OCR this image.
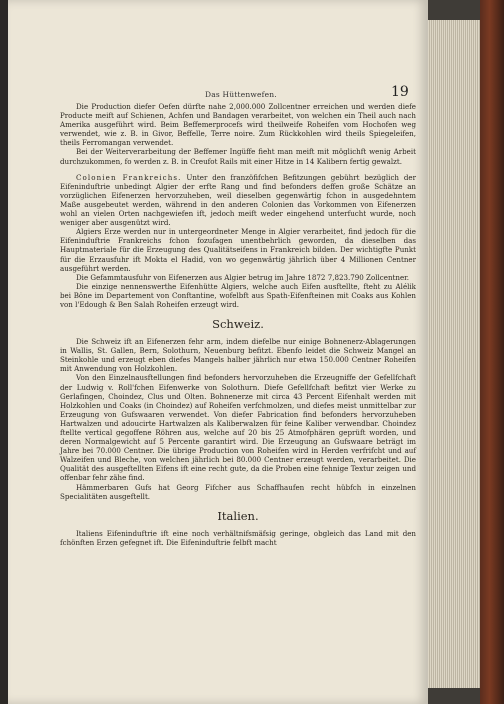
Das Hüttenwefen.	19

Die Production diefer Oefen dürfte nahe 2,000.000 Zollcentner erreichen und werden diefe Producte meift auf Schienen, Achfen und Bandagen verarbeitet, von welchen ein Theil auch nach Amerika ausgeführt wird. Beim Beffemerprocefs wird theilweife Roheifen vom Hochofen weg verwendet, wie z. B. in Givor, Beffelle, Terre noire. Zum Rückkohlen wird theils Spiegeleifen, theils Ferromangan verwendet.

Bei der Weiterverarbeitung der Beffemer Ingüffe fieht man meift mit möglichft wenig Arbeit durchzukommen, fo werden z. B. in Creufot Rails mit einer Hitze in 14 Kalibern fertig gewalzt.

Colonien Frankreichs. Unter den franzöfifchen Befitzungen gebührt bezüglich der Eifeninduftrie unbedingt Algier der erfte Rang und find befonders deffen große Schätze an vorzüglichen Eifenerzen hervorzuheben, weil dieselben gegenwärtig fchon in ausgedehntem Maße ausgebeutet werden, während in den anderen Colonien das Vorkommen von Eifenerzen wohl an vielen Orten nachgewiefen ift, jedoch meift weder eingehend unterfucht wurde, noch weniger aber ausgenützt wird.

Algiers Erze werden nur in untergeordneter Menge in Algier verarbeitet, find jedoch für die Eifeninduftrie Frankreichs fchon fozufagen unentbehrlich geworden, da dieselben das Hauptmateriale für die Erzeugung des Qualitätseifens in Frankreich bilden. Der wichtigfte Punkt für die Erzausfuhr ift Mokta el Hadid, von wo gegenwärtig jährlich über 4 Millionen Centner ausgeführt werden.

Die Gefammtausfuhr von Eifenerzen aus Algier betrug im Jahre 1872 7,823.790 Zollcentner.

Die einzige nennenswerthe Eifenhütte Algiers, welche auch Eifen ausftellte, fteht zu Alélik bei Bône im Departement von Conftantine, wofelbft aus Spath-Eifenfteinen mit Coaks aus Kohlen von l'Edough & Ben Salah Roheifen erzeugt wird.

Schweiz.

Die Schweiz ift an Eifenerzen fehr arm, indem diefelbe nur einige Bohnenerz-Ablagerungen in Wallis, St. Gallen, Bern, Solothurn, Neuenburg befitzt. Ebenfo leidet die Schweiz Mangel an Steinkohle und erzeugt eben diefes Mangels halber jährlich nur etwa 150.000 Centner Roheifen mit Anwendung von Holzkohlen.

Von den Einzelnausftellungen find befonders hervorzuheben die Erzeugniffe der Gefellfchaft der Ludwig v. Roll'fchen Eifenwerke von Solothurn. Diefe Gefellfchaft befitzt vier Werke zu Gerlafingen, Choindez, Clus und Olten. Bohnenerze mit circa 43 Percent Eifenhalt werden mit Holzkohlen und Coaks (in Choindez) auf Roheifen verfchmolzen, und diefes meist unmittelbar zur Erzeugung von Gufswaaren verwendet. Von diefer Fabrication find befonders hervorzuheben Hartwalzen und adoucirte Hartwalzen als Kaliberwalzen für feine Kaliber verwendbar. Choindez ftellte vertical gegoffene Röhren aus, welche auf 20 bis 25 Atmofphären geprüft worden, und deren Normalgewicht auf 5 Percente garantirt wird. Die Erzeugung an Gufswaare beträgt im Jahre bei 70.000 Centner. Die übrige Production von Roheifen wird in Herden verfrifcht und auf Walzeifen und Bleche, von welchen jährlich bei 80.000 Centner erzeugt werden, verarbeitet. Die Qualität des ausgeftellten Eifens ift eine recht gute, da die Proben eine fehnige Textur zeigen und offenbar fehr zähe find.

Hämmerbaren Gufs hat Georg Fifcher aus Schaffhaufen recht hübfch in einzelnen Specialitäten ausgeftellt.

Italien.

Italiens Eifeninduftrie ift eine noch verhältnifsmäfsig geringe, obgleich das Land mit den fchönften Erzen gefegnet ift. Die Eifeninduftrie felbft macht
